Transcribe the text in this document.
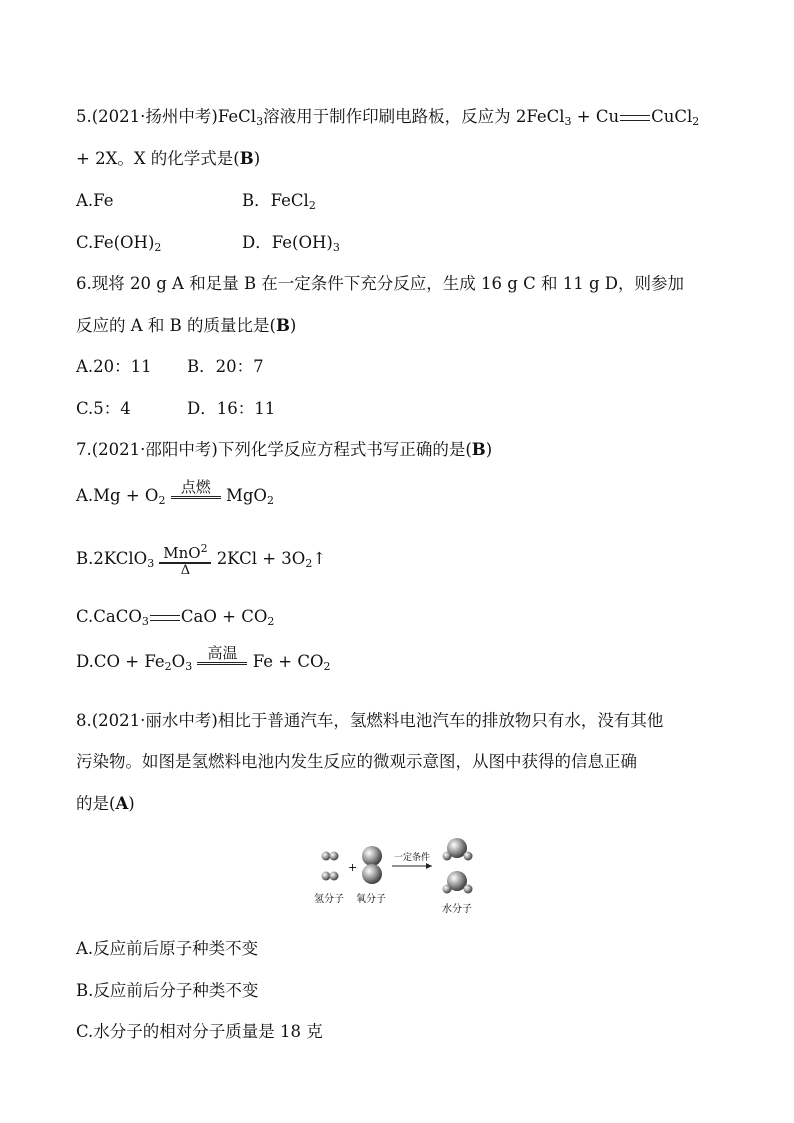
5.(2021·扬州中考)FeCl$_3$溶液用于制作印刷电路板，反应为 2FeCl$_3$ + Cu CuCl$_2$
+ 2X。X 的化学式是(B)
A.Fe	B．FeCl$_2$
$C.Fe(OH)_2$	D．$Fe(OH)_3$
6.现将 20 g A 和足量 B 在一定条件下充分反应，生成 16 g C 和 11 g D，则参加
反应的 A 和 B 的质量比是(B)
A.20：11 B．20：7
C.5：4	D．16：11
7.(2021·邵阳中考)下列化学反应方程式书写正确的是(B)
$A.Mg + O_2$
点燃 MgO$_2$
B.2KClO$_3$ $\frac{MnO^2}{\Delta} 2KCl$ + $3O_2↑$
C.CaCO$_3$ CaO + $CO_2$
$D.CO + Fe_2O_3$
高温 $Fe + CO_2$
8.(2021·丽水中考)相比于普通汽车，氢燃料电池汽车的排放物只有水，没有其他
污染物。如图是氢燃料电池内发生反应的微观示意图，从图中获得的信息正确
的是(A)
+
一定条件
氢分子 氧分子
水分子
A.反应前后原子种类不变
B.反应前后分子种类不变
C.水分子的相对分子质量是 18 克
